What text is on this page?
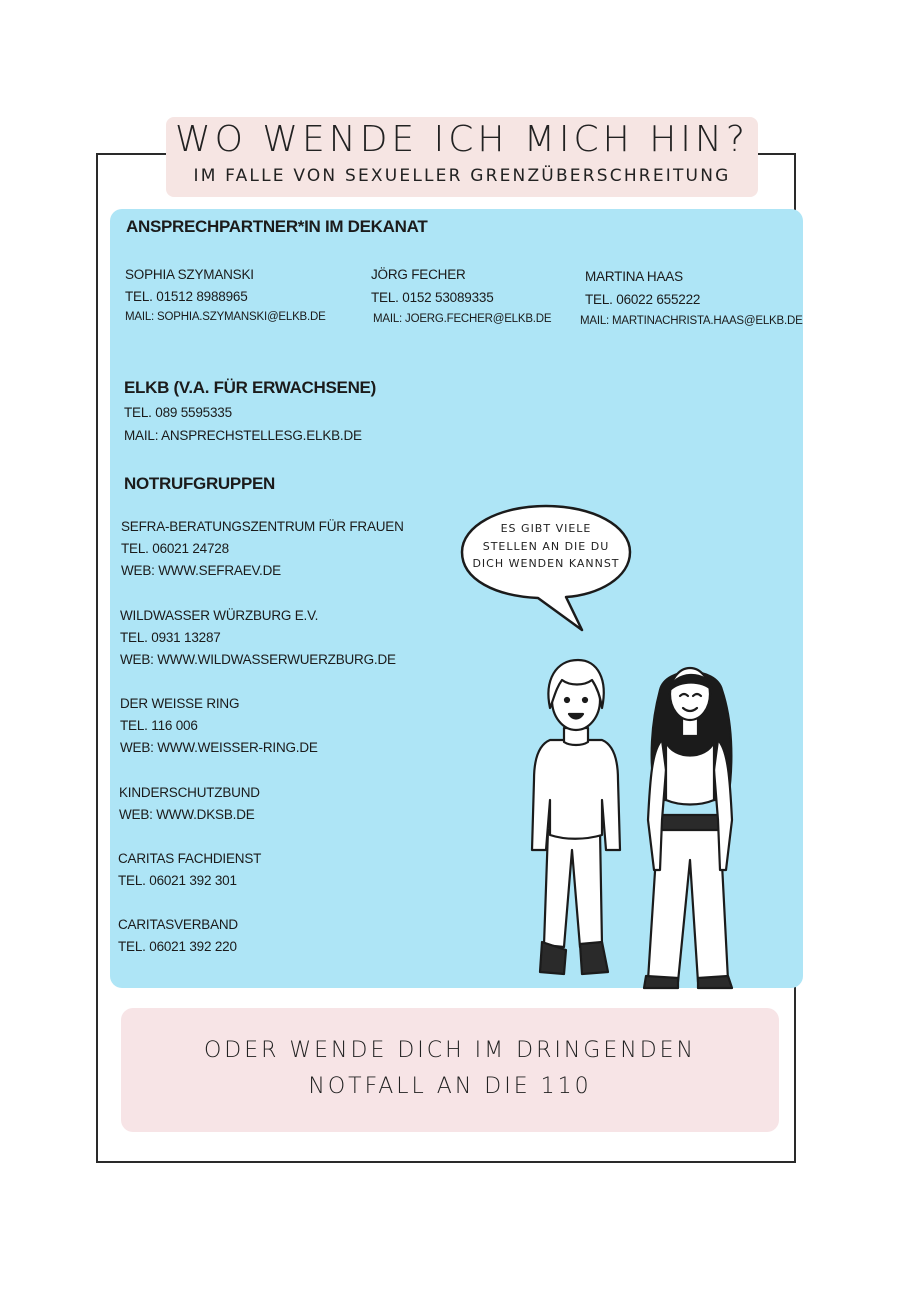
WO WENDE ICH MICH HIN?
IM FALLE VON SEXUELLER GRENZÜBERSCHREITUNG
ANSPRECHPARTNER*IN IM DEKANAT
SOPHIA SZYMANSKI
TEL. 01512 8988965
MAIL: SOPHIA.SZYMANSKI@ELKB.DE
JÖRG FECHER
TEL. 0152 53089335
MAIL: JOERG.FECHER@ELKB.DE
MARTINA HAAS
TEL. 06022 655222
MAIL: MARTINACHRISTA.HAAS@ELKB.DE
ELKB (V.A. FÜR ERWACHSENE)
TEL. 089 5595335
MAIL: ANSPRECHSTELLESG.ELKB.DE
NOTRUFGRUPPEN
SEFRA-BERATUNGSZENTRUM FÜR FRAUEN
TEL. 06021 24728
WEB: WWW.SEFRAEV.DE
WILDWASSER WÜRZBURG E.V.
TEL. 0931 13287
WEB: WWW.WILDWASSERWUERZBURG.DE
DER WEISSE RING
TEL. 116 006
WEB: WWW.WEISSER-RING.DE
KINDERSCHUTZBUND
WEB: WWW.DKSB.DE
CARITAS FACHDIENST
TEL. 06021 392 301
CARITASVERBAND
TEL. 06021 392 220
ES GIBT VIELE
STELLEN AN DIE DU
DICH WENDEN KANNST
ODER WENDE DICH IM DRINGENDEN
NOTFALL AN DIE 110
